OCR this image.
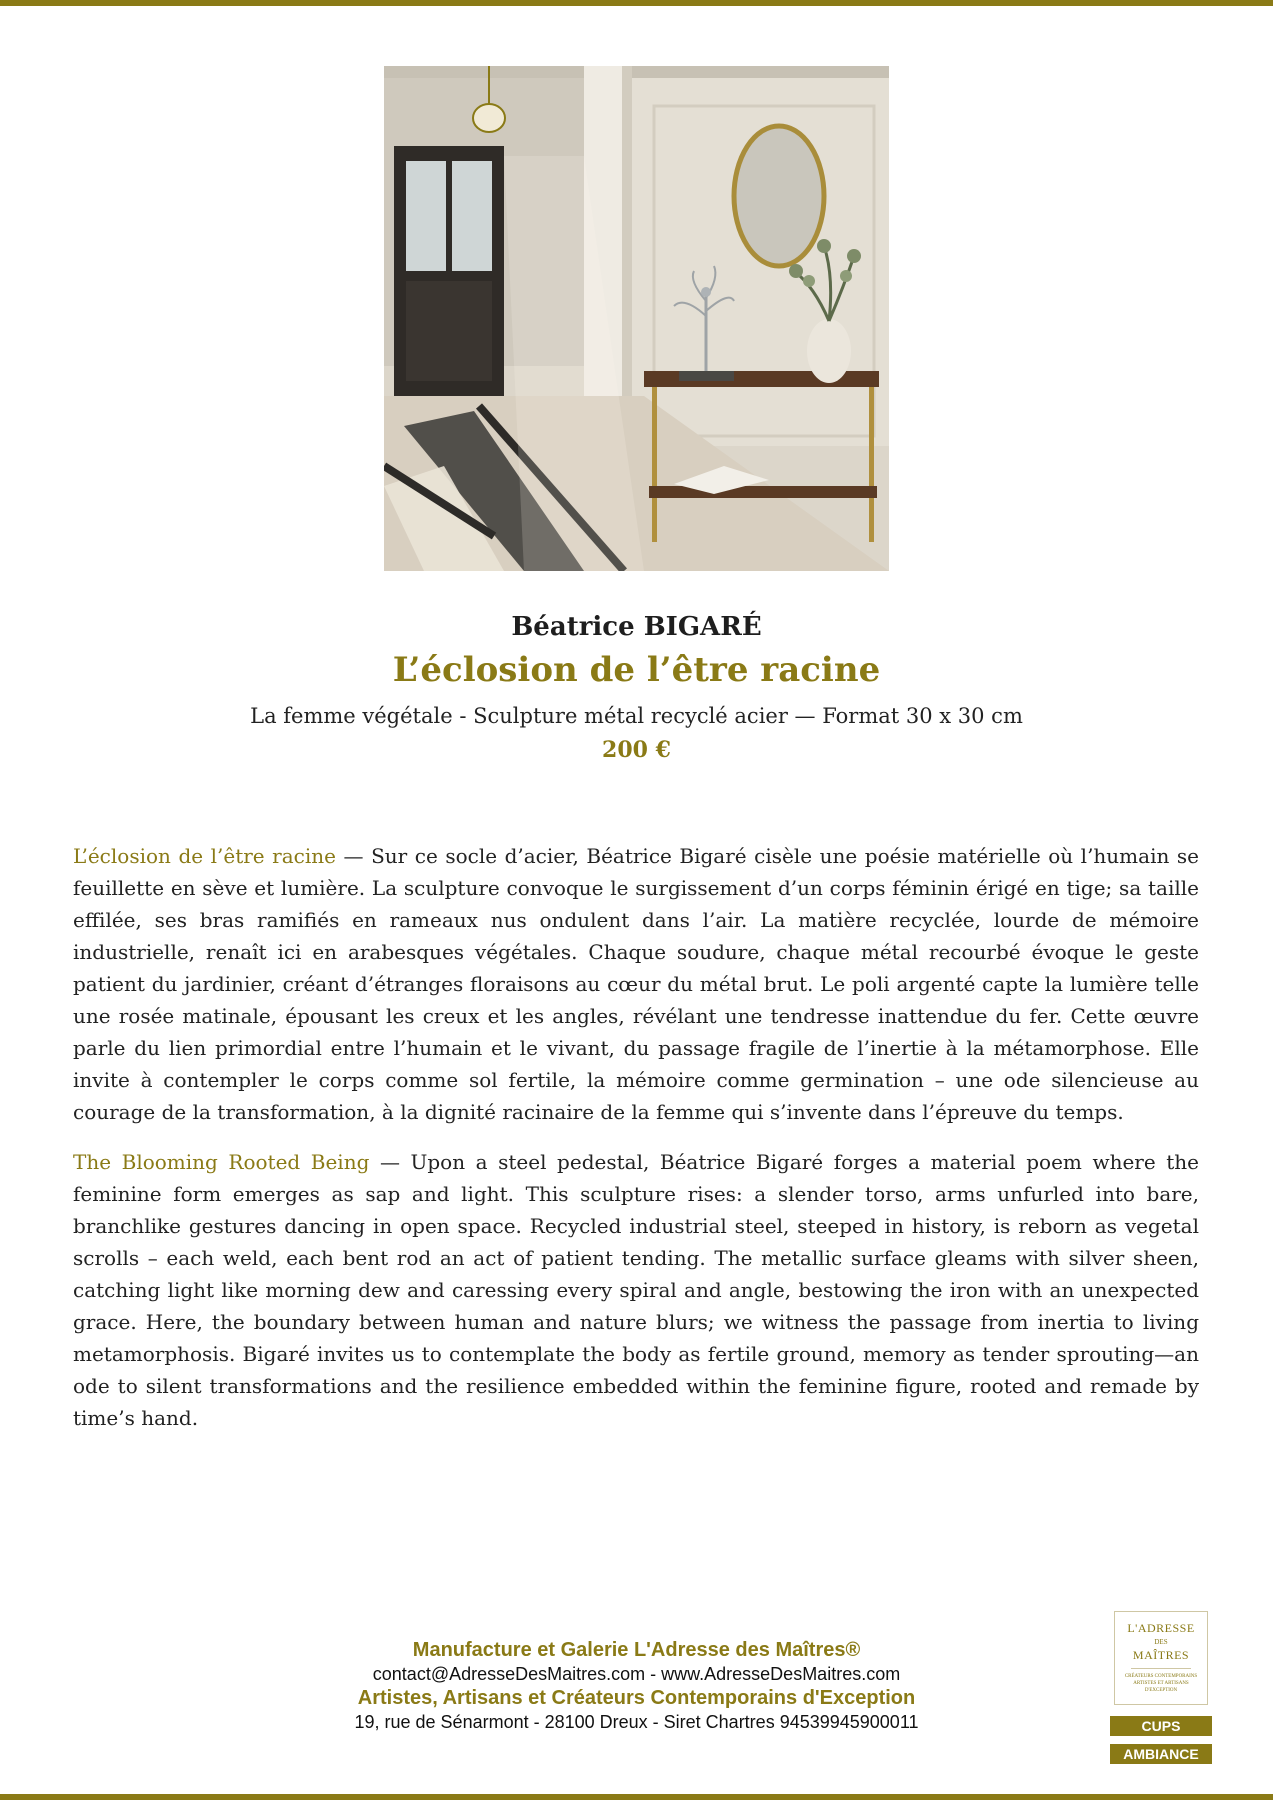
Béatrice BIGARÉ
L’éclosion de l’être racine
La femme végétale - Sculpture métal recyclé acier — Format 30 x 30 cm
200 €

L’éclosion de l’être racine — Sur ce socle d’acier, Béatrice Bigaré cisèle une poésie matérielle où l’humain se feuillette en sève et lumière. La sculpture convoque le surgissement d’un corps féminin érigé en tige; sa taille effilée, ses bras ramifiés en rameaux nus ondulent dans l’air. La matière recyclée, lourde de mémoire industrielle, renaît ici en arabesques végétales. Chaque soudure, chaque métal recourbé évoque le geste patient du jardinier, créant d’étranges floraisons au cœur du métal brut. Le poli argenté capte la lumière telle une rosée matinale, épousant les creux et les angles, révélant une tendresse inattendue du fer. Cette œuvre parle du lien primordial entre l’humain et le vivant, du passage fragile de l’inertie à la métamorphose. Elle invite à contempler le corps comme sol fertile, la mémoire comme germination – une ode silencieuse au courage de la transformation, à la dignité racinaire de la femme qui s’invente dans l’épreuve du temps.

The Blooming Rooted Being — Upon a steel pedestal, Béatrice Bigaré forges a material poem where the feminine form emerges as sap and light. This sculpture rises: a slender torso, arms unfurled into bare, branchlike gestures dancing in open space. Recycled industrial steel, steeped in history, is reborn as vegetal scrolls – each weld, each bent rod an act of patient tending. The metallic surface gleams with silver sheen, catching light like morning dew and caressing every spiral and angle, bestowing the iron with an unexpected grace. Here, the boundary between human and nature blurs; we witness the passage from inertia to living metamorphosis. Bigaré invites us to contemplate the body as fertile ground, memory as tender sprouting—an ode to silent transformations and the resilience embedded within the feminine figure, rooted and remade by time’s hand.

Manufacture et Galerie L'Adresse des Maîtres®
contact@AdresseDesMaitres.com - www.AdresseDesMaitres.com
Artistes, Artisans et Créateurs Contemporains d'Exception
19, rue de Sénarmont - 28100 Dreux - Siret Chartres 94539945900011
L'ADRESSE
DES
MAÎTRES
CRÉATEURS CONTEMPORAINS ARTISTES ET ARTISANS D'EXCEPTION
CUPS
AMBIANCE
